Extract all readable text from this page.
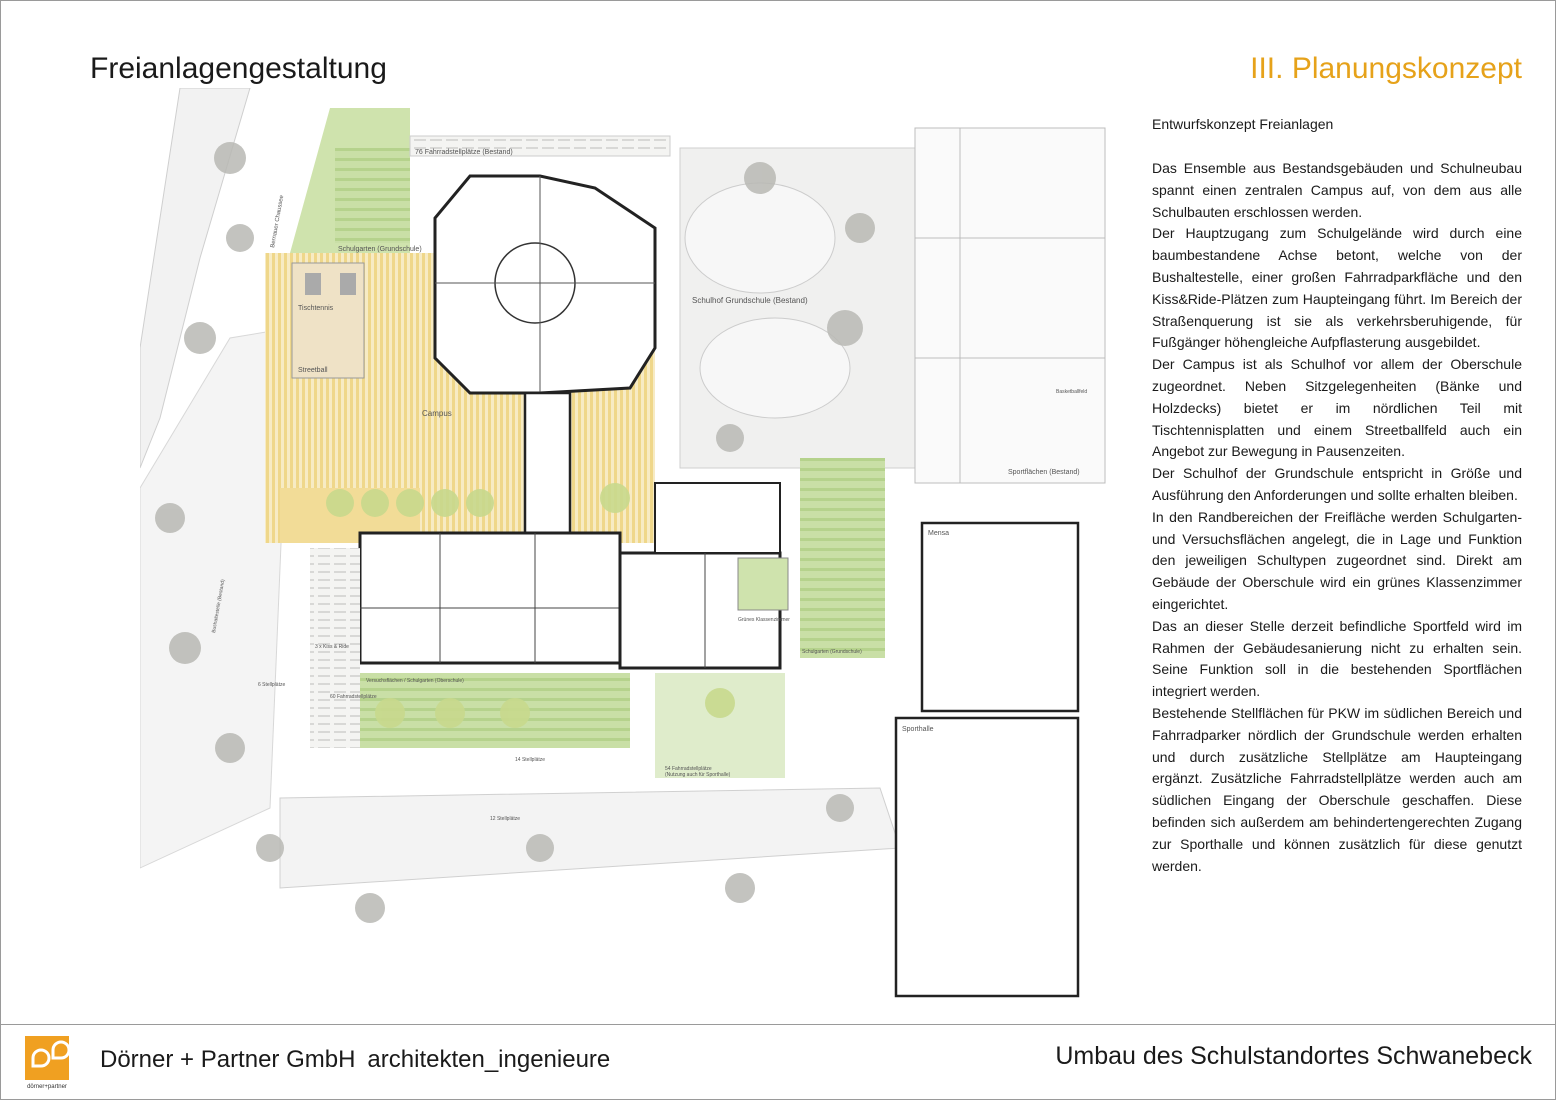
Freianlagengestaltung	III. Planungskonzept
76 Fahrradstellplätze (Bestand)
Schulgarten (Grundschule)
Tischtennis
Streetball
Campus
Schulhof Grundschule (Bestand)
Basketballfeld
Sportflächen (Bestand)
Mensa
Sporthalle
Grünes Klassenzimmer
Schulgarten (Grundschule)
Versuchsflächen / Schulgarten (Oberschule)
60 Fahrradstellplätze
3 x Kiss & Ride
14 Stellplätze
54 Fahrradstellplätze
(Nutzung auch für Sporthalle)
12 Stellplätze
6 Stellplätze
Bushaltestelle (Bestand)
Bernauer Chaussee
Entwurfskonzept Freianlagen

Das Ensemble aus Bestandsgebäuden und Schulneubau spannt einen zentralen Campus auf, von dem aus alle Schulbauten erschlossen werden.

Der Hauptzugang zum Schulgelände wird durch eine baumbestandene Achse betont, welche von der Bushaltestelle, einer großen Fahrradparkfläche und den Kiss&Ride-Plätzen zum Haupteingang führt. Im Bereich der Straßenquerung ist sie als verkehrsberuhigende, für Fußgänger höhengleiche Aufpflasterung ausgebildet.

Der Campus ist als Schulhof vor allem der Oberschule zugeordnet. Neben Sitzgelegenheiten (Bänke und Holzdecks) bietet er im nördlichen Teil mit Tischtennisplatten und einem Streetballfeld auch ein Angebot zur Bewegung in Pausenzeiten.

Der Schulhof der Grundschule entspricht in Größe und Ausführung den Anforderungen und sollte erhalten bleiben.

In den Randbereichen der Freifläche werden Schulgarten- und Versuchsflächen angelegt, die in Lage und Funktion den jeweiligen Schultypen zugeordnet sind. Direkt am Gebäude der Oberschule wird ein grünes Klassenzimmer eingerichtet.

Das an dieser Stelle derzeit befindliche Sportfeld wird im Rahmen der Gebäudesanierung nicht zu erhalten sein. Seine Funktion soll in die bestehenden Sportflächen integriert werden.

Bestehende Stellflächen für PKW im südlichen Bereich und Fahrradparker nördlich der Grundschule werden erhalten und durch zusätzliche Stellplätze am Haupteingang ergänzt. Zusätzliche Fahrradstellplätze werden auch am südlichen Eingang der Oberschule geschaffen. Diese befinden sich außerdem am behindertengerechten Zugang zur Sporthalle und können zusätzlich für diese genutzt werden.

dörner+partner
Dörner + Partner GmbH architekten_ingenieure	Umbau des Schulstandortes Schwanebeck
